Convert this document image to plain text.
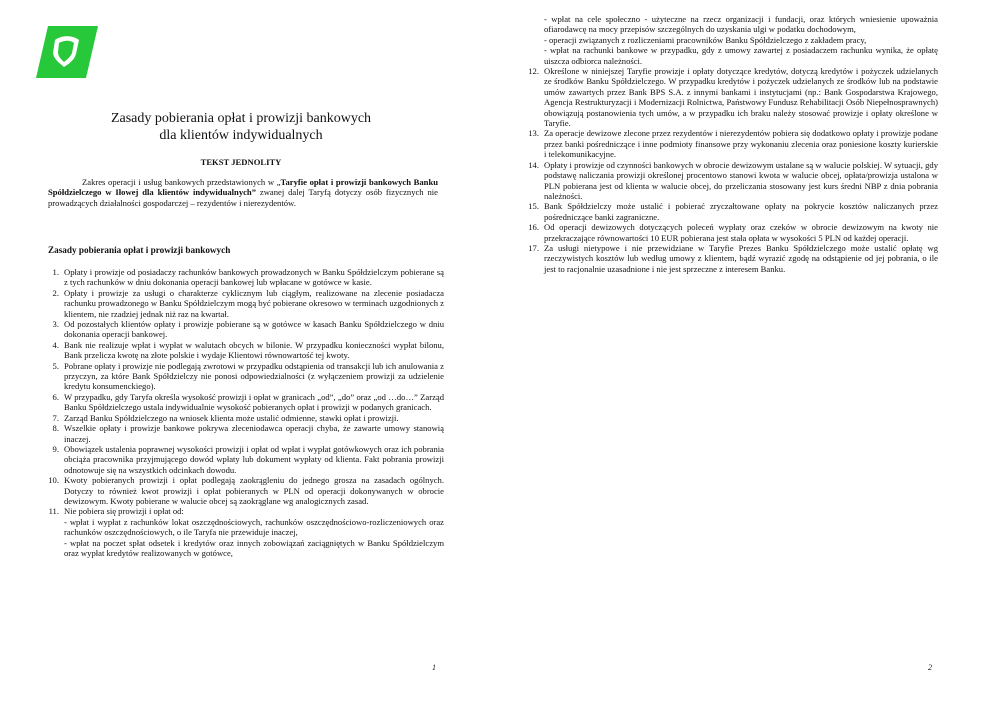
Zasady pobierania opłat i prowizji bankowych
dla klientów indywidualnych
TEKST JEDNOLITY

Zakres operacji i usług bankowych przedstawionych w „Taryfie opłat i prowizji bankowych Banku Spółdzielczego w Iłowej dla klientów indywidualnych” zwanej dalej Taryfą dotyczy osób fizycznych nie prowadzących działalności gospodarczej – rezydentów i nierezydentów.

Zasady pobierania opłat i prowizji bankowych
1. Opłaty i prowizje od posiadaczy rachunków bankowych prowadzonych w Banku Spółdzielczym pobierane są z tych rachunków w dniu dokonania operacji bankowej lub wpłacane w gotówce w kasie.
2. Opłaty i prowizje za usługi o charakterze cyklicznym lub ciągłym, realizowane na zlecenie posiadacza rachunku prowadzonego w Banku Spółdzielczym mogą być pobierane okresowo w terminach uzgodnionych z klientem, nie rzadziej jednak niż raz na kwartał.
3. Od pozostałych klientów opłaty i prowizje pobierane są w gotówce w kasach Banku Spółdzielczego w dniu dokonania operacji bankowej.
4. Bank nie realizuje wpłat i wypłat w walutach obcych w bilonie. W przypadku konieczności wypłat bilonu, Bank przelicza kwotę na złote polskie i wydaje Klientowi równowartość tej kwoty.
5. Pobrane opłaty i prowizje nie podlegają zwrotowi w przypadku odstąpienia od transakcji lub ich anulowania z przyczyn, za które Bank Spółdzielczy nie ponosi odpowiedzialności (z wyłączeniem prowizji za udzielenie kredytu konsumenckiego).
6. W przypadku, gdy Taryfa określa wysokość prowizji i opłat w granicach „od”, „do” oraz „od …do…” Zarząd Banku Spółdzielczego ustala indywidualnie wysokość pobieranych opłat i prowizji w podanych granicach.
7. Zarząd Banku Spółdzielczego na wniosek klienta może ustalić odmienne, stawki opłat i prowizji.
8. Wszelkie opłaty i prowizje bankowe pokrywa zleceniodawca operacji chyba, że zawarte umowy stanowią inaczej.
9. Obowiązek ustalenia poprawnej wysokości prowizji i opłat od wpłat i wypłat gotówkowych oraz ich pobrania obciąża pracownika przyjmującego dowód wpłaty lub dokument wypłaty od klienta. Fakt pobrania prowizji odnotowuje się na wszystkich odcinkach dowodu.
10. Kwoty pobieranych prowizji i opłat podlegają zaokrągleniu do jednego grosza na zasadach ogólnych. Dotyczy to również kwot prowizji i opłat pobieranych w PLN od operacji dokonywanych w obrocie dewizowym. Kwoty pobierane w walucie obcej są zaokrąglane wg analogicznych zasad.
11. Nie pobiera się prowizji i opłat od:
- wpłat i wypłat z rachunków lokat oszczędnościowych, rachunków oszczędnościowo-rozliczeniowych oraz rachunków oszczędnościowych, o ile Taryfa nie przewiduje inaczej,
- wpłat na poczet spłat odsetek i kredytów oraz innych zobowiązań zaciągniętych w Banku Spółdzielczym oraz wypłat kredytów realizowanych w gotówce,
1
- wpłat na cele społeczno - użyteczne na rzecz organizacji i fundacji, oraz których wniesienie upoważnia ofiarodawcę na mocy przepisów szczególnych do uzyskania ulgi w podatku dochodowym,
- operacji związanych z rozliczeniami pracowników Banku Spółdzielczego z zakładem pracy,
- wpłat na rachunki bankowe w przypadku, gdy z umowy zawartej z posiadaczem rachunku wynika, że opłatę uiszcza odbiorca należności.
12. Określone w niniejszej Taryfie prowizje i opłaty dotyczące kredytów, dotyczą kredytów i pożyczek udzielanych ze środków Banku Spółdzielczego. W przypadku kredytów i pożyczek udzielanych ze środków lub na podstawie umów zawartych przez Bank BPS S.A. z innymi bankami i instytucjami (np.: Bank Gospodarstwa Krajowego, Agencja Restrukturyzacji i Modernizacji Rolnictwa, Państwowy Fundusz Rehabilitacji Osób Niepełnosprawnych) obowiązują postanowienia tych umów, a w przypadku ich braku należy stosować prowizje i opłaty określone w Taryfie.
13. Za operacje dewizowe zlecone przez rezydentów i nierezydentów pobiera się dodatkowo opłaty i prowizje podane przez banki pośredniczące i inne podmioty finansowe przy wykonaniu zlecenia oraz poniesione koszty kurierskie i telekomunikacyjne.
14. Opłaty i prowizje od czynności bankowych w obrocie dewizowym ustalane są w walucie polskiej. W sytuacji, gdy podstawę naliczania prowizji określonej procentowo stanowi kwota w walucie obcej, opłata/prowizja ustalona w PLN pobierana jest od klienta w walucie obcej, do przeliczania stosowany jest kurs średni NBP z dnia pobrania należności.
15. Bank Spółdzielczy może ustalić i pobierać zryczałtowane opłaty na pokrycie kosztów naliczanych przez pośredniczące banki zagraniczne.
16. Od operacji dewizowych dotyczących poleceń wypłaty oraz czeków w obrocie dewizowym na kwoty nie przekraczające równowartości 10 EUR pobierana jest stała opłata w wysokości 5 PLN od każdej operacji.
17. Za usługi nietypowe i nie przewidziane w Taryfie Prezes Banku Spółdzielczego może ustalić opłatę wg rzeczywistych kosztów lub według umowy z klientem, bądź wyrazić zgodę na odstąpienie od jej pobrania, o ile jest to racjonalnie uzasadnione i nie jest sprzeczne z interesem Banku.
2
